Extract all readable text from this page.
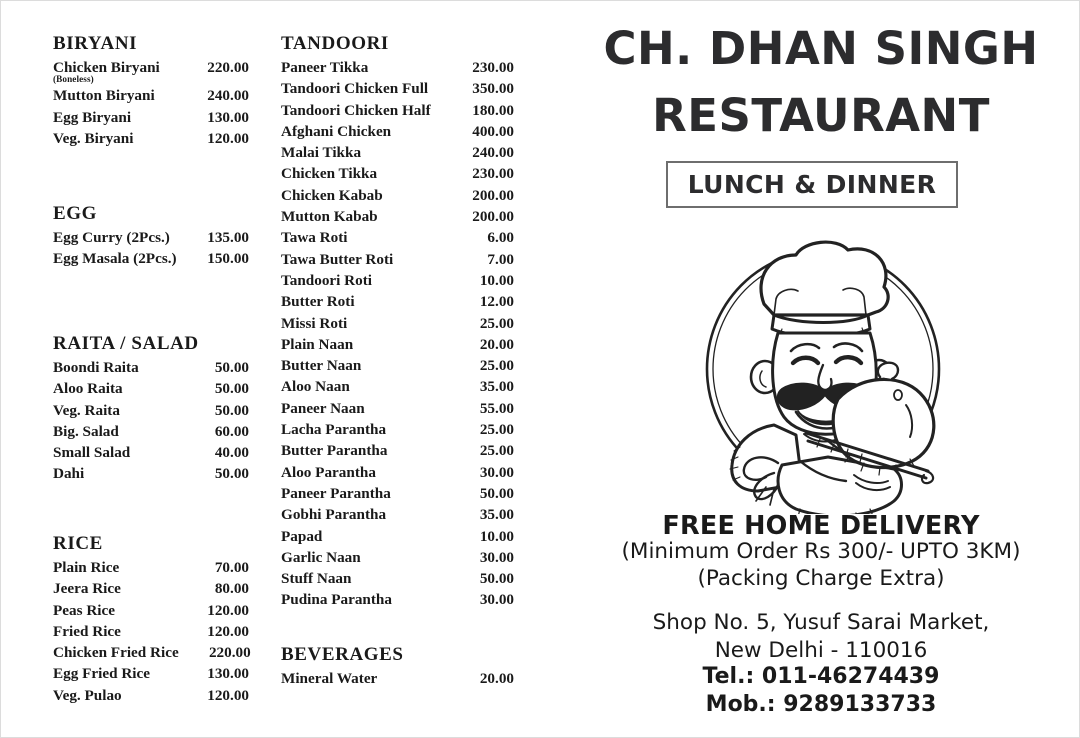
BIRYANI
Chicken Biryani	220.00
(Boneless)
Mutton Biryani	240.00
Egg Biryani	130.00
Veg. Biryani	120.00
EGG
Egg Curry (2Pcs.)	135.00
Egg Masala (2Pcs.)	150.00
RAITA / SALAD
Boondi Raita	50.00
Aloo Raita	50.00
Veg. Raita	50.00
Big. Salad	60.00
Small Salad	40.00
Dahi	50.00
RICE
Plain Rice	70.00
Jeera Rice	80.00
Peas Rice	120.00
Fried Rice	120.00
Chicken Fried Rice	220.00
Egg Fried Rice	130.00
Veg. Pulao	120.00
TANDOORI
Paneer Tikka	230.00
Tandoori Chicken Full	350.00
Tandoori Chicken Half	180.00
Afghani Chicken	400.00
Malai Tikka	240.00
Chicken Tikka	230.00
Chicken Kabab	200.00
Mutton Kabab	200.00
Tawa Roti	6.00
Tawa Butter Roti	7.00
Tandoori Roti	10.00
Butter Roti	12.00
Missi Roti	25.00
Plain Naan	20.00
Butter Naan	25.00
Aloo Naan	35.00
Paneer Naan	55.00
Lacha Parantha	25.00
Butter Parantha	25.00
Aloo Parantha	30.00
Paneer Parantha	50.00
Gobhi Parantha	35.00
Papad	10.00
Garlic Naan	30.00
Stuff Naan	50.00
Pudina Parantha	30.00
BEVERAGES
Mineral Water	20.00
CH. DHAN SINGH
RESTAURANT
LUNCH & DINNER
FREE HOME DELIVERY
(Minimum Order Rs 300/- UPTO 3KM)
(Packing Charge Extra)
Shop No. 5, Yusuf Sarai Market,
New Delhi - 110016
Tel.: 011-46274439
Mob.: 9289133733
